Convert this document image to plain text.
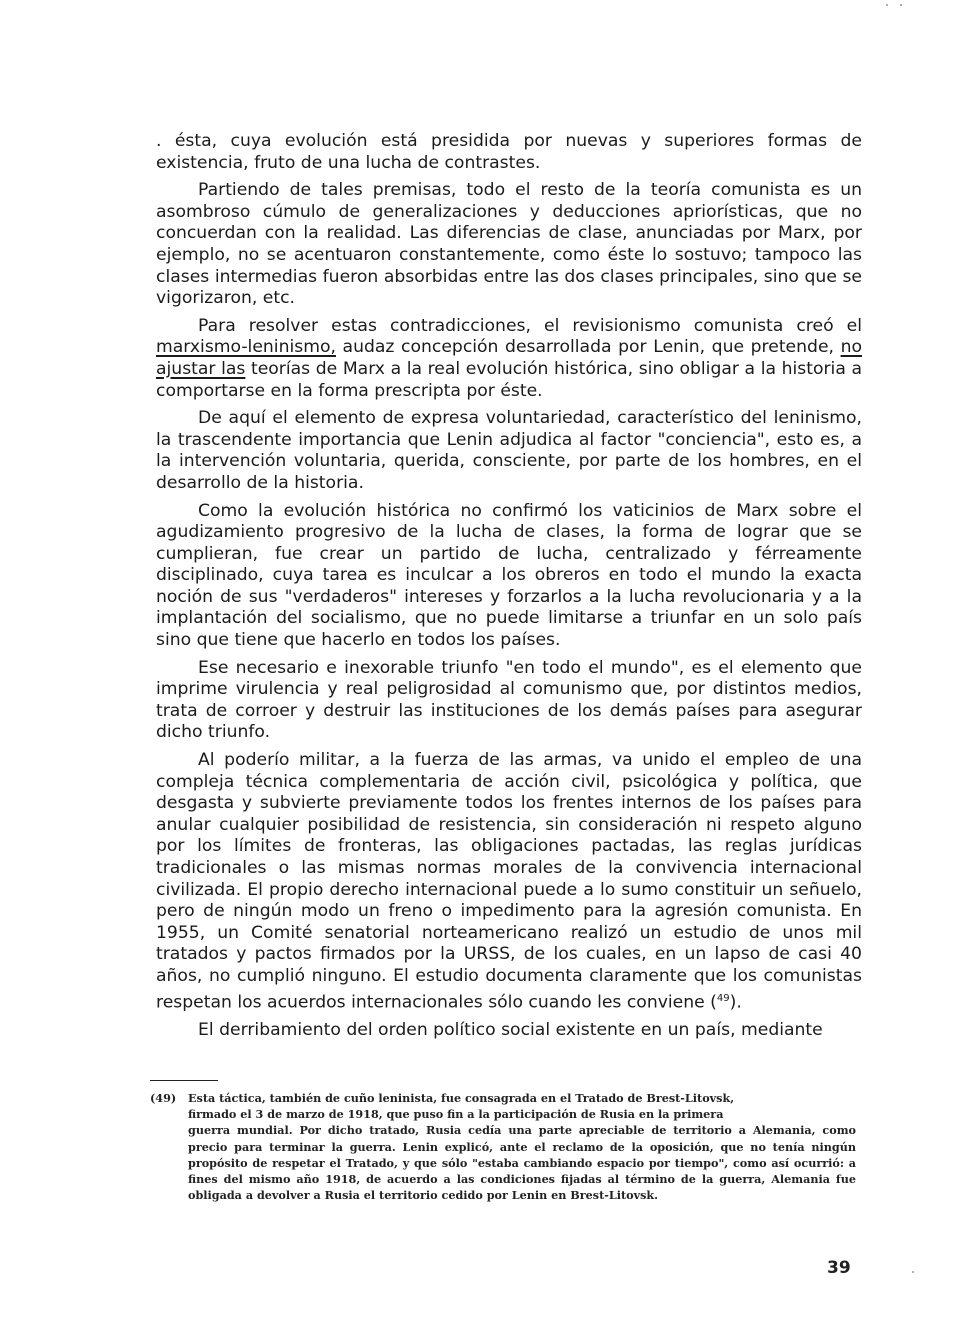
. ésta, cuya evolución está presidida por nuevas y superiores formas de existencia, fruto de una lucha de contrastes.

Partiendo de tales premisas, todo el resto de la teoría comunista es un asombroso cúmulo de generalizaciones y deducciones apriorísticas, que no concuerdan con la realidad. Las diferencias de clase, anunciadas por Marx, por ejemplo, no se acentuaron constantemente, como éste lo sostuvo; tampoco las clases intermedias fueron absorbidas entre las dos clases principales, sino que se vigorizaron, etc.

Para resolver estas contradicciones, el revisionismo comunista creó el marxismo-leninismo, audaz concepción desarrollada por Lenin, que pretende, no ajustar las teorías de Marx a la real evolución histórica, sino obligar a la historia a comportarse en la forma prescripta por éste.

De aquí el elemento de expresa voluntariedad, característico del leninismo, la trascendente importancia que Lenin adjudica al factor "conciencia", esto es, a la intervención voluntaria, querida, consciente, por parte de los hombres, en el desarrollo de la historia.

Como la evolución histórica no confirmó los vaticinios de Marx sobre el agudizamiento progresivo de la lucha de clases, la forma de lograr que se cumplieran, fue crear un partido de lucha, centralizado y férreamente disciplinado, cuya tarea es inculcar a los obreros en todo el mundo la exacta noción de sus "verdaderos" intereses y forzarlos a la lucha revolucionaria y a la implantación del socialismo, que no puede limitarse a triunfar en un solo país sino que tiene que hacerlo en todos los países.

Ese necesario e inexorable triunfo "en todo el mundo", es el elemento que imprime virulencia y real peligrosidad al comunismo que, por distintos medios, trata de corroer y destruir las instituciones de los demás países para asegurar dicho triunfo.

Al poderío militar, a la fuerza de las armas, va unido el empleo de una compleja técnica complementaria de acción civil, psicológica y política, que desgasta y subvierte previamente todos los frentes internos de los países para anular cualquier posibilidad de resistencia, sin consideración ni respeto alguno por los límites de fronteras, las obligaciones pactadas, las reglas jurídicas tradicionales o las mismas normas morales de la convivencia internacional civilizada. El propio derecho internacional puede a lo sumo constituir un señuelo, pero de ningún modo un freno o impedimento para la agresión comunista. En 1955, un Comité senatorial norteamericano realizó un estudio de unos mil tratados y pactos firmados por la URSS, de los cuales, en un lapso de casi 40 años, no cumplió ninguno. El estudio documenta claramente que los comunistas respetan los acuerdos internacionales sólo cuando les conviene ($^{49}$).

El derribamiento del orden político social existente en un país, mediante

(49) Esta táctica, también de cuño leninista, fue consagrada en el Tratado de Brest-Litovsk,
firmado el 3 de marzo de 1918, que puso fin a la participación de Rusia en la primera
guerra mundial. Por dicho tratado, Rusia cedía una parte apreciable de territorio a Alemania, como precio para terminar la guerra. Lenin explicó, ante el reclamo de la oposición, que no tenía ningún propósito de respetar el Tratado, y que sólo "estaba cambiando espacio por tiempo", como así ocurrió: a fines del mismo año 1918, de acuerdo a las condiciones fijadas al término de la guerra, Alemania fue obligada a devolver a Rusia el territorio cedido por Lenin en Brest-Litovsk.
39
